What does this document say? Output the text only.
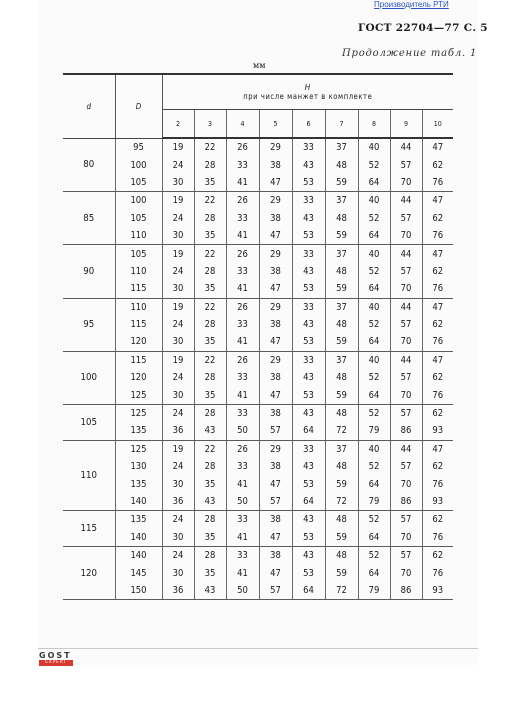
Производитель РТИ
ГОСТ 22704—77 С. 5
Продолжение табл. 1
мм
d	D	H
при числе манжет в комплекте								
		2	3	4	5	6	7	8	9	10
80	95	19	22	26	29	33	37	40	44	47
	100	24	28	33	38	43	48	52	57	62
	105	30	35	41	47	53	59	64	70	76
85	100	19	22	26	29	33	37	40	44	47
	105	24	28	33	38	43	48	52	57	62
	110	30	35	41	47	53	59	64	70	76
90	105	19	22	26	29	33	37	40	44	47
	110	24	28	33	38	43	48	52	57	62
	115	30	35	41	47	53	59	64	70	76
95	110	19	22	26	29	33	37	40	44	47
	115	24	28	33	38	43	48	52	57	62
	120	30	35	41	47	53	59	64	70	76
100	115	19	22	26	29	33	37	40	44	47
	120	24	28	33	38	43	48	52	57	62
	125	30	35	41	47	53	59	64	70	76
105	125	24	28	33	38	43	48	52	57	62
	135	36	43	50	57	64	72	79	86	93
110	125	19	22	26	29	33	37	40	44	47
	130	24	28	33	38	43	48	52	57	62
	135	30	35	41	47	53	59	64	70	76
	140	36	43	50	57	64	72	79	86	93
115	135	24	28	33	38	43	48	52	57	62
	140	30	35	41	47	53	59	64	70	76
120	140	24	28	33	38	43	48	52	57	62
	145	30	35	41	47	53	59	64	70	76
	150	36	43	50	57	64	72	79	86	93
GOST
EXPERT
